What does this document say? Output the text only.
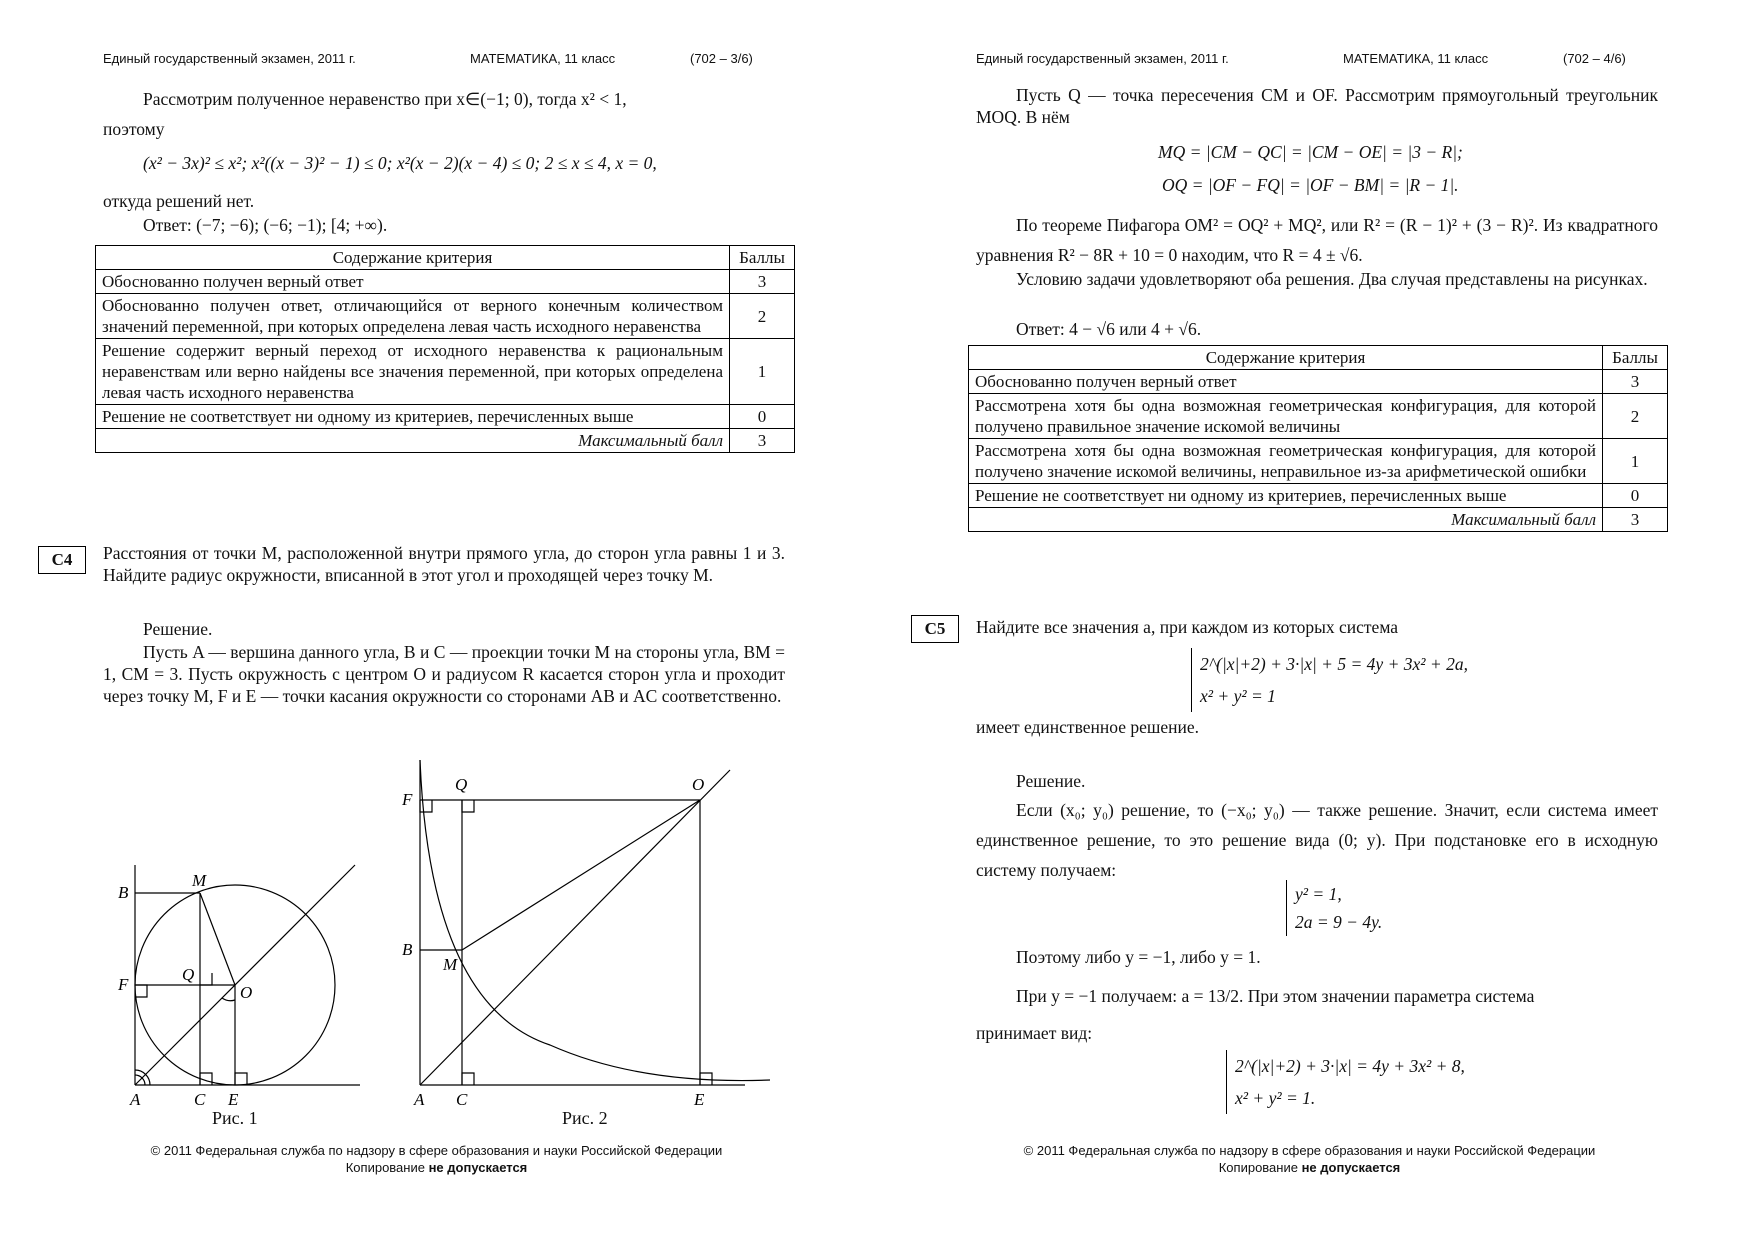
Единый государственный экзамен, 2011 г.	МАТЕМАТИКА, 11 класс	(702 – 3/6)
Рассмотрим полученное неравенство при x∈(−1; 0), тогда x² < 1,
поэтому
(x² − 3x)² ≤ x²; x²((x − 3)² − 1) ≤ 0; x²(x − 2)(x − 4) ≤ 0; 2 ≤ x ≤ 4, x = 0,
откуда решений нет.
Ответ: (−7; −6); (−6; −1); [4; +∞).
Содержание критерия	Баллы
Обоснованно получен верный ответ	3
Обоснованно получен ответ, отличающийся от верного конечным количеством значений переменной, при которых определена левая часть исходного неравенства	2
Решение содержит верный переход от исходного неравенства к рациональным неравенствам или верно найдены все значения переменной, при которых определена левая часть исходного неравенства	1
Решение не соответствует ни одному из критериев, перечисленных выше	0
Максимальный балл	3
C4	Расстояния от точки M, расположенной внутри прямого угла, до сторон угла равны 1 и 3. Найдите радиус окружности, вписанной в этот угол и проходящей через точку M.
Решение.
Пусть A — вершина данного угла, B и C — проекции точки M на стороны угла, BM = 1, CM = 3. Пусть окружность с центром O и радиусом R касается сторон угла и проходит через точку M, F и E — точки касания окружности со сторонами AB и AC соответственно.
B
M
F
Q
O
A	C E
Рис. 1
F
Q	O
B
M
A C	E
Рис. 2
© 2011 Федеральная служба по надзору в сфере образования и науки Российской Федерации
Копирование не допускается
Единый государственный экзамен, 2011 г.	МАТЕМАТИКА, 11 класс	(702 – 4/6)
Пусть Q — точка пересечения CM и OF. Рассмотрим прямоугольный треугольник MOQ. В нём
MQ = |CM − QC| = |CM − OE| = |3 − R|;
OQ = |OF − FQ| = |OF − BM| = |R − 1|.
По теореме Пифагора OM² = OQ² + MQ², или R² = (R − 1)² + (3 − R)². Из квадратного уравнения R² − 8R + 10 = 0 находим, что R = 4 ± √6.
Условию задачи удовлетворяют оба решения. Два случая представлены на рисунках.
Ответ: 4 − √6 или 4 + √6.
Содержание критерия	Баллы
Обоснованно получен верный ответ	3
Рассмотрена хотя бы одна возможная геометрическая конфигурация, для которой получено правильное значение искомой величины	2
Рассмотрена хотя бы одна возможная геометрическая конфигурация, для которой получено значение искомой величины, неправильное из-за арифметической ошибки	1
Решение не соответствует ни одному из критериев, перечисленных выше	0
Максимальный балл	3
C5	Найдите все значения a, при каждом из которых система
2^(|x|+2) + 3·|x| + 5 = 4y + 3x² + 2a,
x² + y² = 1
имеет единственное решение.
Решение.
Если (x₀; y₀) решение, то (−x₀; y₀) — также решение. Значит, если система имеет единственное решение, то это решение вида (0; y). При подстановке его в исходную систему получаем:
y² = 1,
2a = 9 − 4y.
Поэтому либо y = −1, либо y = 1.
При y = −1 получаем: a = 13/2. При этом значении параметра система
принимает вид:
2^(|x|+2) + 3·|x| = 4y + 3x² + 8,
x² + y² = 1.
© 2011 Федеральная служба по надзору в сфере образования и науки Российской Федерации
Копирование не допускается
